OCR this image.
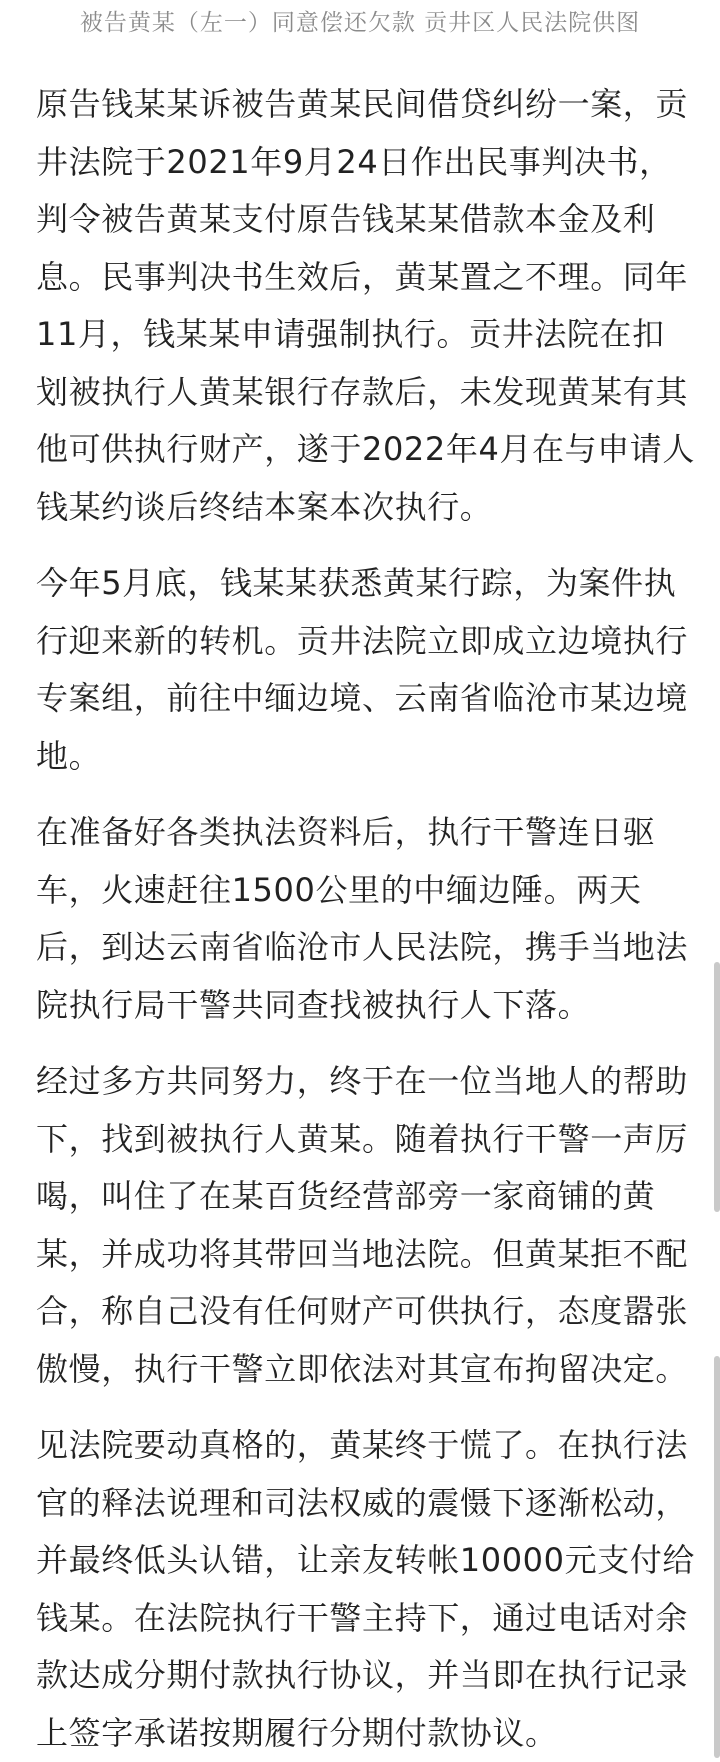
被告黄某（左一）同意偿还欠款 贡井区人民法院供图

原告钱某某诉被告黄某民间借贷纠纷一案，贡井法院于2021年9月24日作出民事判决书，判令被告黄某支付原告钱某某借款本金及利息。民事判决书生效后，黄某置之不理。同年11月，钱某某申请强制执行。贡井法院在扣划被执行人黄某银行存款后，未发现黄某有其他可供执行财产，遂于2022年4月在与申请人钱某约谈后终结本案本次执行。

今年5月底，钱某某获悉黄某行踪，为案件执行迎来新的转机。贡井法院立即成立边境执行专案组，前往中缅边境、云南省临沧市某边境地。

在准备好各类执法资料后，执行干警连日驱车，火速赶往1500公里的中缅边陲。两天后，到达云南省临沧市人民法院，携手当地法院执行局干警共同查找被执行人下落。

经过多方共同努力，终于在一位当地人的帮助下，找到被执行人黄某。随着执行干警一声厉喝，叫住了在某百货经营部旁一家商铺的黄某，并成功将其带回当地法院。但黄某拒不配合，称自己没有任何财产可供执行，态度嚣张傲慢，执行干警立即依法对其宣布拘留决定。

见法院要动真格的，黄某终于慌了。在执行法官的释法说理和司法权威的震慑下逐渐松动，并最终低头认错，让亲友转帐10000元支付给钱某。在法院执行干警主持下，通过电话对余款达成分期付款执行协议，并当即在执行记录上签字承诺按期履行分期付款协议。
